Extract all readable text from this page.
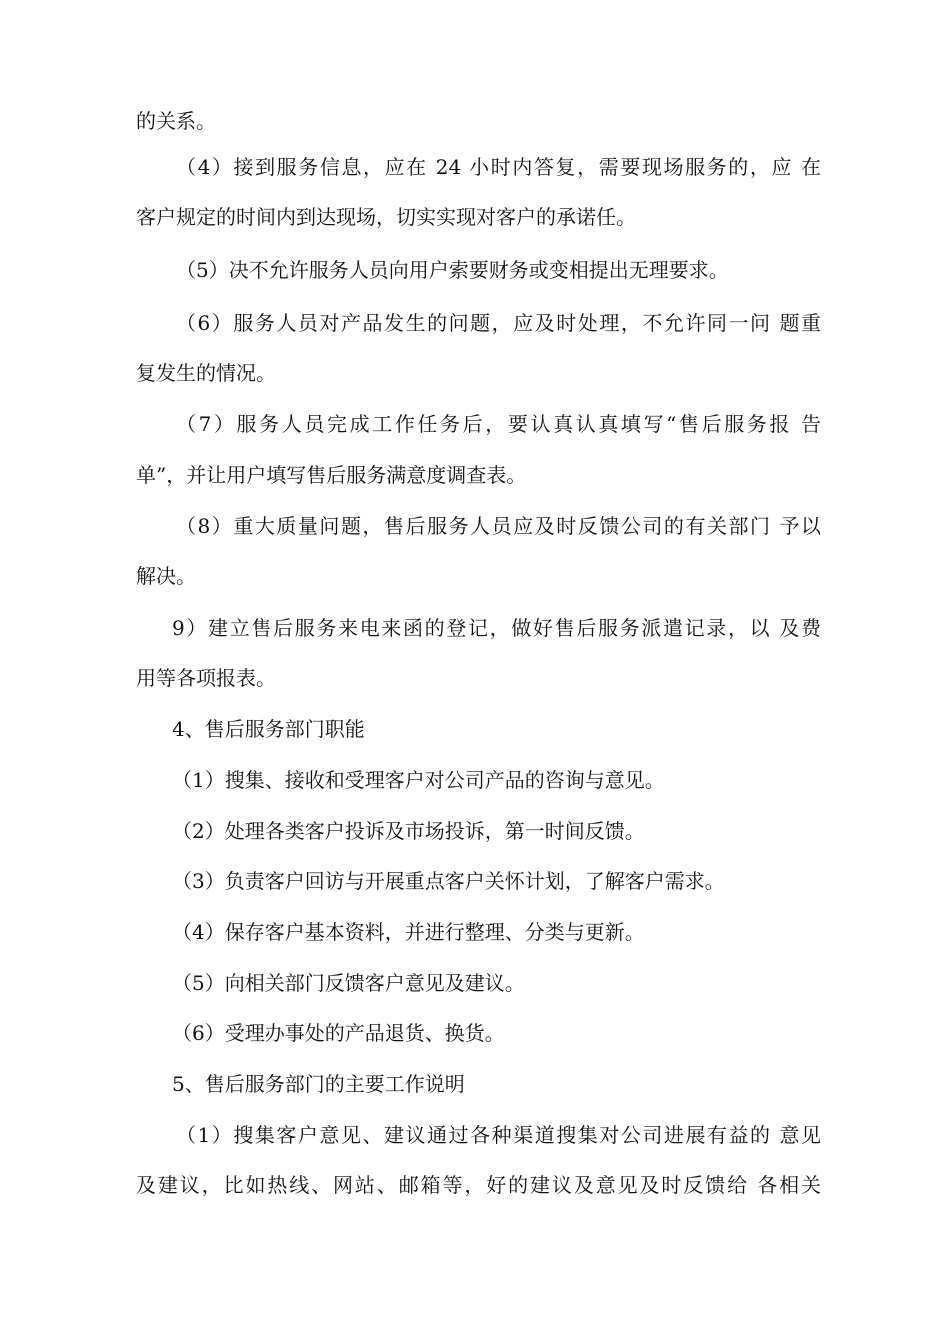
的关系。
（4）接到服务信息，应在 24 小时内答复，需要现场服务的，应 在
客户规定的时间内到达现场，切实实现对客户的承诺任。
（5）决不允许服务人员向用户索要财务或变相提出无理要求。
（6）服务人员对产品发生的问题，应及时处理，不允许同一问 题重
复发生的情况。
（7）服务人员完成工作任务后，要认真认真填写“售后服务报 告
单”，并让用户填写售后服务满意度调查表。
（8）重大质量问题，售后服务人员应及时反馈公司的有关部门 予以
解决。
9）建立售后服务来电来函的登记，做好售后服务派遣记录，以 及费
用等各项报表。
4、售后服务部门职能
（1）搜集、接收和受理客户对公司产品的咨询与意见。
（2）处理各类客户投诉及市场投诉，第一时间反馈。
（3）负责客户回访与开展重点客户关怀计划，了解客户需求。
（4）保存客户基本资料，并进行整理、分类与更新。
（5）向相关部门反馈客户意见及建议。
（6）受理办事处的产品退货、换货。
5、售后服务部门的主要工作说明
（1）搜集客户意见、建议通过各种渠道搜集对公司进展有益的 意见
及建议，比如热线、网站、邮箱等，好的建议及意见及时反馈给 各相关
